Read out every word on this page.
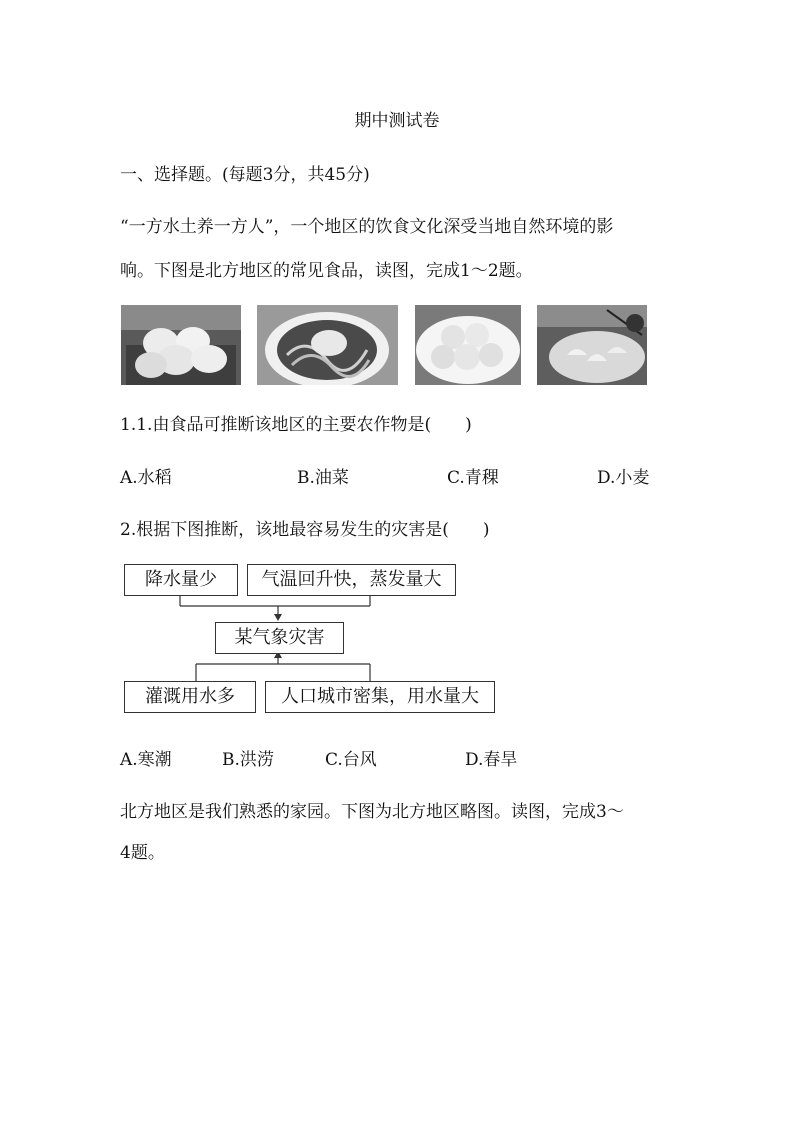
期中测试卷
一、选择题。(每题3分，共45分)
“一方水土养一方人”，一个地区的饮食文化深受当地自然环境的影
响。下图是北方地区的常见食品，读图，完成1～2题。
1.1.由食品可推断该地区的主要农作物是(　　)
A.水稻	B.油菜	C.青稞	D.小麦
2.根据下图推断，该地最容易发生的灾害是(　　)
降水量少	气温回升快，蒸发量大
某气象灾害
灌溉用水多	人口城市密集，用水量大
A.寒潮	B.洪涝	C.台风	D.春旱
北方地区是我们熟悉的家园。下图为北方地区略图。读图，完成3～
4题。
